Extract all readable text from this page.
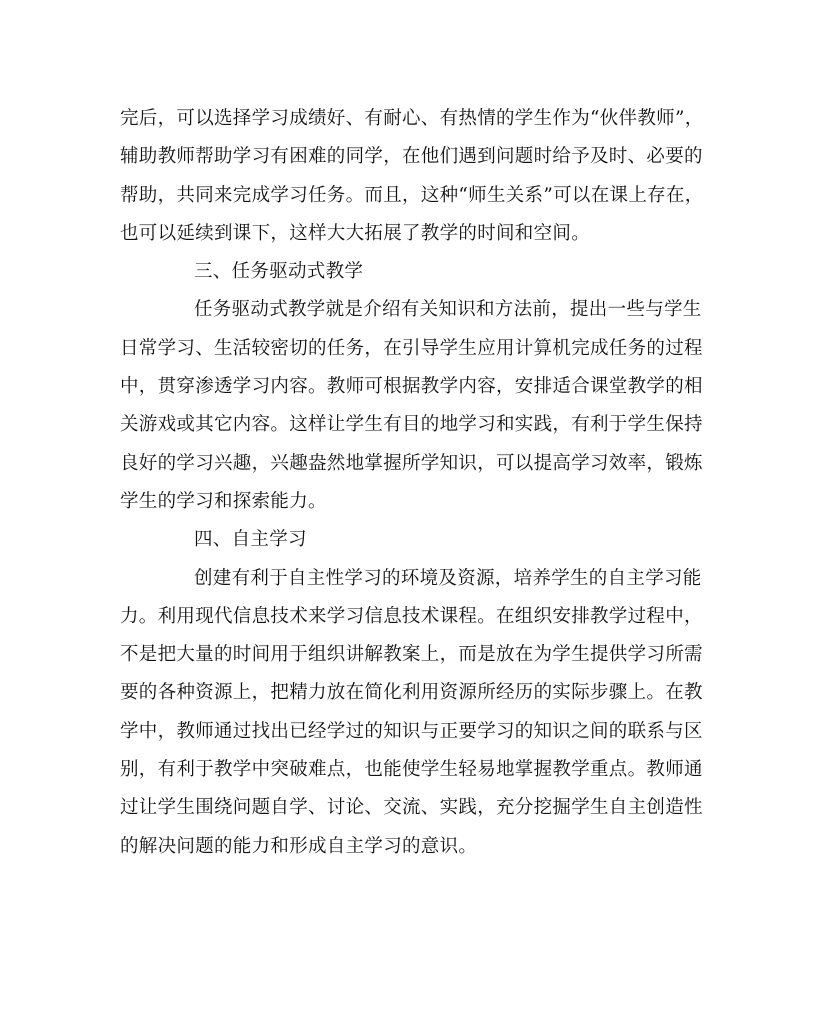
完后，可以选择学习成绩好、有耐心、有热情的学生作为“伙伴教师”，
辅助教师帮助学习有困难的同学，在他们遇到问题时给予及时、必要的
帮助，共同来完成学习任务。而且，这种“师生关系”可以在课上存在，
也可以延续到课下，这样大大拓展了教学的时间和空间。
三、任务驱动式教学
任务驱动式教学就是介绍有关知识和方法前，提出一些与学生
日常学习、生活较密切的任务，在引导学生应用计算机完成任务的过程
中，贯穿渗透学习内容。教师可根据教学内容，安排适合课堂教学的相
关游戏或其它内容。这样让学生有目的地学习和实践，有利于学生保持
良好的学习兴趣，兴趣盎然地掌握所学知识，可以提高学习效率，锻炼
学生的学习和探索能力。
四、自主学习
创建有利于自主性学习的环境及资源，培养学生的自主学习能
力。利用现代信息技术来学习信息技术课程。在组织安排教学过程中，
不是把大量的时间用于组织讲解教案上，而是放在为学生提供学习所需
要的各种资源上，把精力放在简化利用资源所经历的实际步骤上。在教
学中，教师通过找出已经学过的知识与正要学习的知识之间的联系与区
别，有利于教学中突破难点，也能使学生轻易地掌握教学重点。教师通
过让学生围绕问题自学、讨论、交流、实践，充分挖掘学生自主创造性
的解决问题的能力和形成自主学习的意识。
